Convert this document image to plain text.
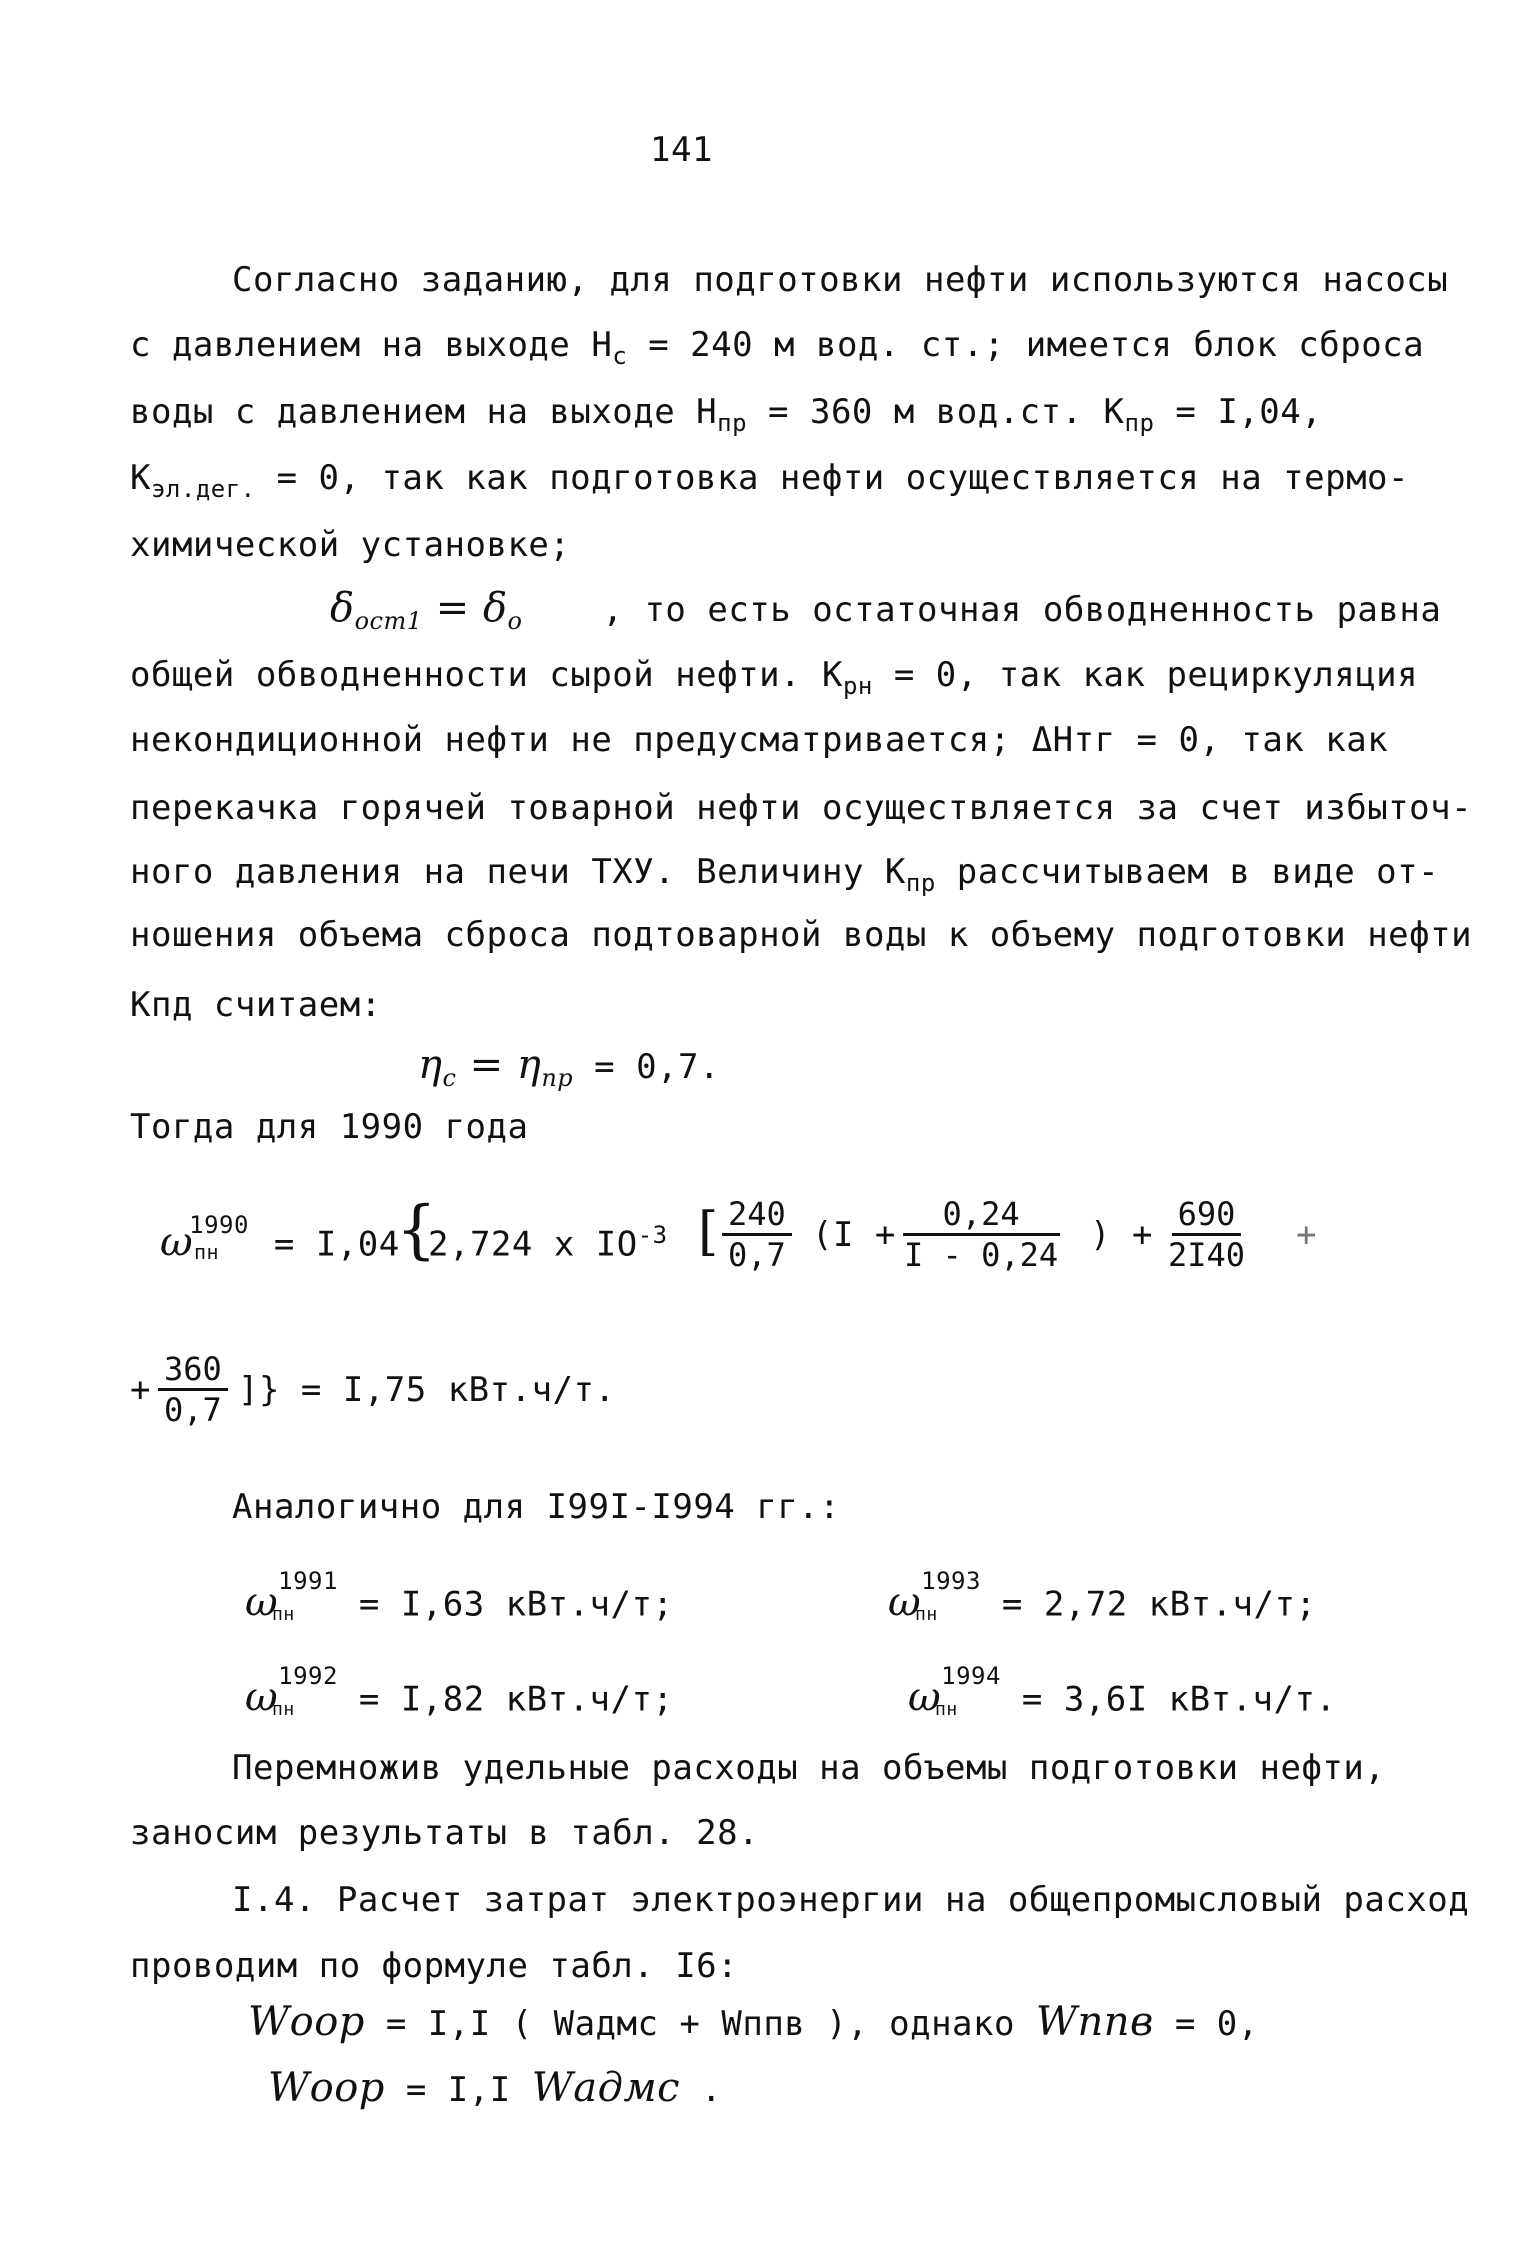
141
Согласно заданию, для подготовки нефти используются насосы
с давлением на выходе $H_с = 240$ м вод. ст.; имеется блок сброса
воды с давлением на выходе $H_{пр} = 360$ м вод.ст. $K_{пр} = I,04$,
$K_{эл.дег.} = 0$, так как подготовка нефти осуществляется на термо-
химической установке;
$\delta_{ост1} = \delta_о$ , то есть остаточная обводненность равна
общей обводненности сырой нефти. $K_{рн} = 0$, так как рециркуляция
некондиционной нефти не предусматривается; ΔHтг = 0, так как
перекачка горячей товарной нефти осуществляется за счет избыточ-
ного давления на печи ТХУ. Величину $K_{пр}$ рассчитываем в виде от-
ношения объема сброса подтоварной воды к объему подготовки нефти
Кпд считаем:
$\eta_с = \eta_{пр} = 0,7$.
Тогда для 1990 года
$\omega^{1990} = I,04$
пн	{
2,724 x $IO^{-3}$ [ $\frac{240}{0,7} (I + \frac{0,24}{I - 0,24}$ ) + $\frac{690}{2I40}$ +
+ $\frac{360}{0,7}$ ]} = I,75 кВт.ч/т.
Аналогично для I99I-I994 гг.:
$\omega^{1991} = I,63$ кВт.ч/т;
пн	$\omega^{1993} = 2,72$ кВт.ч/т;
пн
$\omega^{1992} = I,82$ кВт.ч/т;
пн	$\omega^{1994} = 3,6I$ кВт.ч/т.
пн
Перемножив удельные расходы на объемы подготовки нефти,
заносим результаты в табл. 28.
I.4. Расчет затрат электроэнергии на общепромысловый расход
проводим по формуле табл. I6:
Wоор = I,I ( Wадмс + Wппв ), однако Wппв = 0,
Wоор = I,I Wадмс .
